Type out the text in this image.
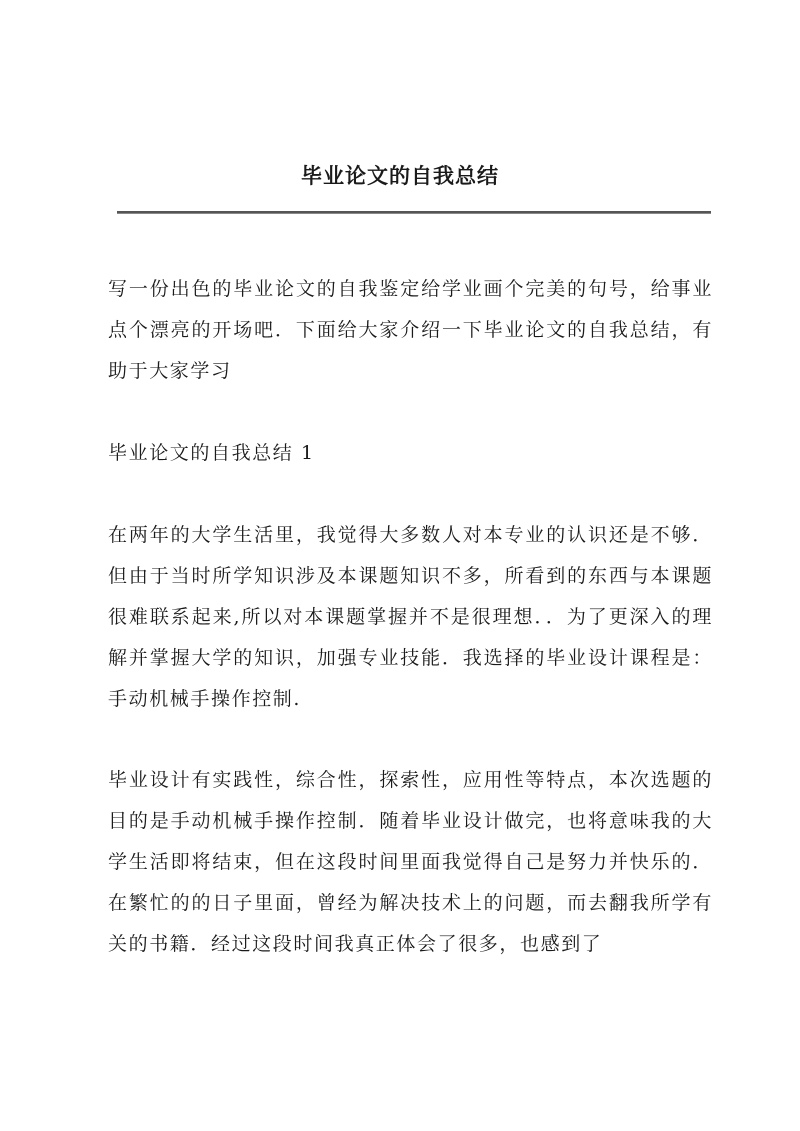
毕业论文的自我总结

写一份出色的毕业论文的自我鉴定给学业画个完美的句号，给事业点个漂亮的开场吧．下面给大家介绍一下毕业论文的自我总结，有助于大家学习

毕业论文的自我总结 1

在两年的大学生活里，我觉得大多数人对本专业的认识还是不够．但由于当时所学知识涉及本课题知识不多，所看到的东西与本课题很难联系起来,所以对本课题掌握并不是很理想．．为了更深入的理解并掌握大学的知识，加强专业技能．我选择的毕业设计课程是：手动机械手操作控制.

毕业设计有实践性，综合性，探索性，应用性等特点，本次选题的目的是手动机械手操作控制．随着毕业设计做完，也将意味我的大学生活即将结束，但在这段时间里面我觉得自己是努力并快乐的．在繁忙的的日子里面，曾经为解决技术上的问题，而去翻我所学有关的书籍．经过这段时间我真正体会了很多，也感到了
